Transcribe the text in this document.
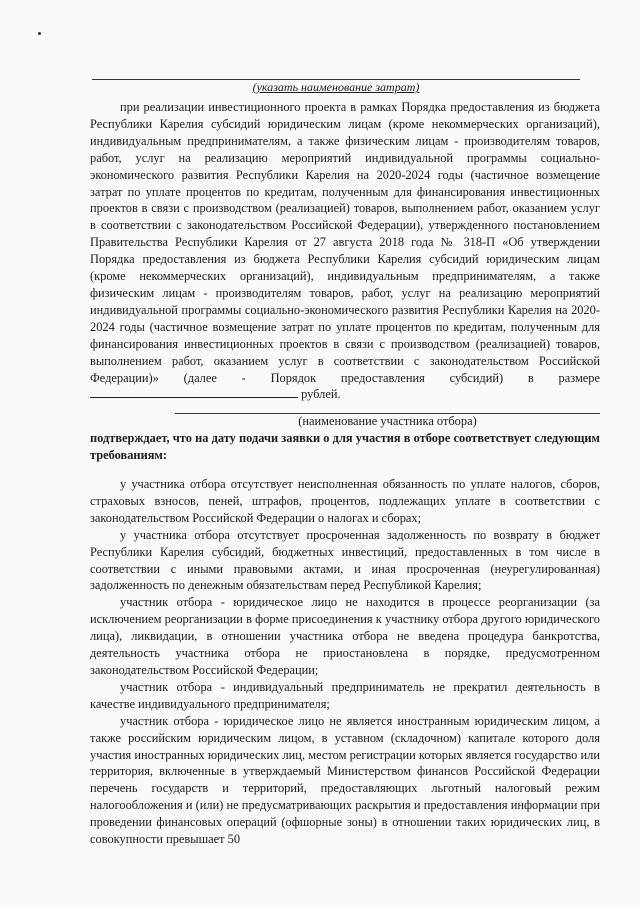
(указать наименование затрат)

при реализации инвестиционного проекта в рамках Порядка предоставления из бюджета Республики Карелия субсидий юридическим лицам (кроме некоммерческих организаций), индивидуальным предпринимателям, а также физическим лицам - производителям товаров, работ, услуг на реализацию мероприятий индивидуальной программы социально-экономического развития Республики Карелия на 2020-2024 годы (частичное возмещение затрат по уплате процентов по кредитам, полученным для финансирования инвестиционных проектов в связи с производством (реализацией) товаров, выполнением работ, оказанием услуг в соответствии с законодательством Российской Федерации), утвержденного постановлением Правительства Республики Карелия от 27 августа 2018 года № 318-П «Об утверждении Порядка предоставления из бюджета Республики Карелия субсидий юридическим лицам (кроме некоммерческих организаций), индивидуальным предпринимателям, а также физическим лицам - производителям товаров, работ, услуг на реализацию мероприятий индивидуальной программы социально-экономического развития Республики Карелия на 2020-2024 годы (частичное возмещение затрат по уплате процентов по кредитам, полученным для финансирования инвестиционных проектов в связи с производством (реализацией) товаров, выполнением работ, оказанием услуг в соответствии с законодательством Российской Федерации)» (далее - Порядок предоставления субсидий) в размере  рублей.

(наименование участника отбора)
подтверждает, что на дату подачи заявки о для участия в отборе соответствует следующим требованиям:

у участника отбора отсутствует неисполненная обязанность по уплате налогов, сборов, страховых взносов, пеней, штрафов, процентов, подлежащих уплате в соответствии с законодательством Российской Федерации о налогах и сборах;

у участника отбора отсутствует просроченная задолженность по возврату в бюджет Республики Карелия субсидий, бюджетных инвестиций, предоставленных в том числе в соответствии с иными правовыми актами, и иная просроченная (неурегулированная) задолженность по денежным обязательствам перед Республикой Карелия;

участник отбора - юридическое лицо не находится в процессе реорганизации (за исключением реорганизации в форме присоединения к участнику отбора другого юридического лица), ликвидации, в отношении участника отбора не введена процедура банкротства, деятельность участника отбора не приостановлена в порядке, предусмотренном законодательством Российской Федерации;

участник отбора - индивидуальный предприниматель не прекратил деятельность в качестве индивидуального предпринимателя;

участник отбора - юридическое лицо не является иностранным юридическим лицом, а также российским юридическим лицом, в уставном (складочном) капитале которого доля участия иностранных юридических лиц, местом регистрации которых является государство или территория, включенные в утверждаемый Министерством финансов Российской Федерации перечень государств и территорий, предоставляющих льготный налоговый режим налогообложения и (или) не предусматривающих раскрытия и предоставления информации при проведении финансовых операций (офшорные зоны) в отношении таких юридических лиц, в совокупности превышает 50
